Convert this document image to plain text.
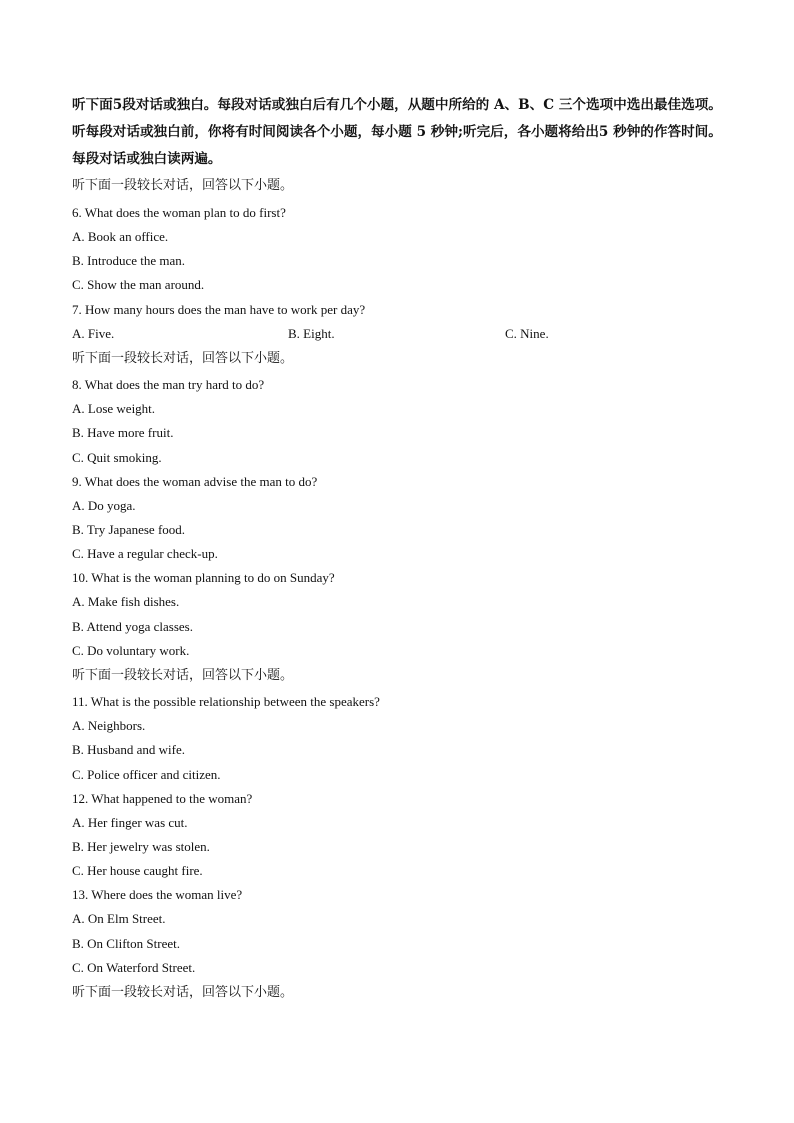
听下面5段对话或独白。每段对话或独白后有几个小题，从题中所给的 A、B、C 三个选项中选出最佳选项。

听每段对话或独白前，你将有时间阅读各个小题，每小题 5 秒钟;听完后，各小题将给出5 秒钟的作答时间。

每段对话或独白读两遍。

听下面一段较长对话，回答以下小题。
6. What does the woman plan to do first?
A. Book an office.
B. Introduce the man.
C. Show the man around.
7. How many hours does the man have to work per day?
A. Five.	B. Eight.	C. Nine.
听下面一段较长对话，回答以下小题。
8. What does the man try hard to do?
A. Lose weight.
B. Have more fruit.
C. Quit smoking.
9. What does the woman advise the man to do?
A. Do yoga.
B. Try Japanese food.
C. Have a regular check-up.
10. What is the woman planning to do on Sunday?
A. Make fish dishes.
B. Attend yoga classes.
C. Do voluntary work.
听下面一段较长对话，回答以下小题。
11. What is the possible relationship between the speakers?
A. Neighbors.
B. Husband and wife.
C. Police officer and citizen.
12. What happened to the woman?
A. Her finger was cut.
B. Her jewelry was stolen.
C. Her house caught fire.
13. Where does the woman live?
A. On Elm Street.
B. On Clifton Street.
C. On Waterford Street.
听下面一段较长对话，回答以下小题。
